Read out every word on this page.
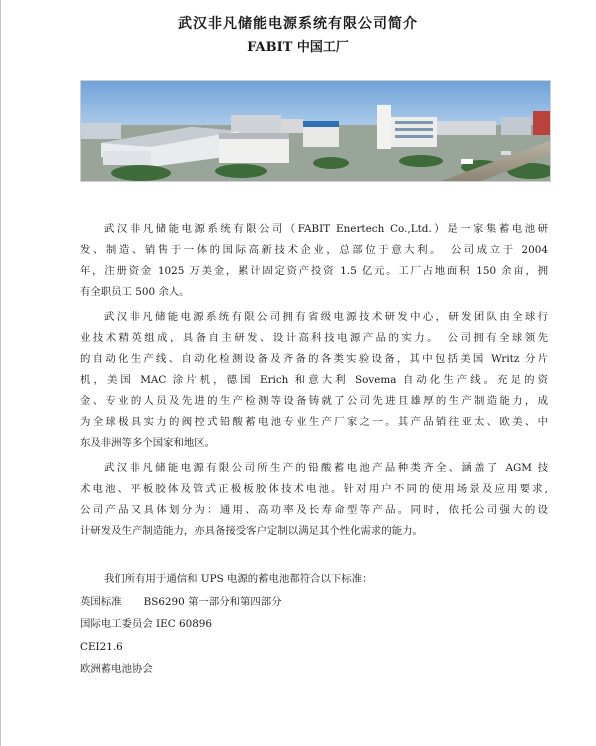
武汉非凡储能电源系统有限公司简介
FABIT 中国工厂
武汉非凡储能电源系统有限公司（FABIT Enertech Co.,Ltd.）是一家集蓄电池研
发、制造、销售于一体的国际高新技术企业，总部位于意大利。　公司成立于 2004
年，注册资金 1025 万美金，累计固定资产投资 1.5 亿元。工厂占地面积 150 余亩，拥
有全职员工 500 余人。
武汉非凡储能电源系统有限公司拥有省级电源技术研发中心，研发团队由全球行
业技术精英组成，具备自主研发、设计高科技电源产品的实力。　公司拥有全球领先
的自动化生产线、自动化检测设备及齐备的各类实验设备，其中包括美国 Writz 分片
机，美国 MAC 涂片机，德国 Erich 和意大利 Sovema 自动化生产线。充足的资
金、专业的人员及先进的生产检测等设备铸就了公司先进且雄厚的生产制造能力，成
为全球极具实力的阀控式铅酸蓄电池专业生产厂家之一。其产品销往亚太、欧美、中
东及非洲等多个国家和地区。
武汉非凡储能电源有限公司所生产的铅酸蓄电池产品种类齐全、涵盖了 AGM 技
术电池、平板胶体及管式正极板胶体技术电池。针对用户不同的使用场景及应用要求,
公司产品又具体划分为：通用、高功率及长寿命型等产品。同时，依托公司强大的设
计研发及生产制造能力，亦具备接受客户定制以满足其个性化需求的能力。
我们所有用于通信和 UPS 电源的蓄电池都符合以下标准：
英国标准 BS6290 第一部分和第四部分
国际电工委员会 IEC 60896
CEI21.6
欧洲蓄电池协会
